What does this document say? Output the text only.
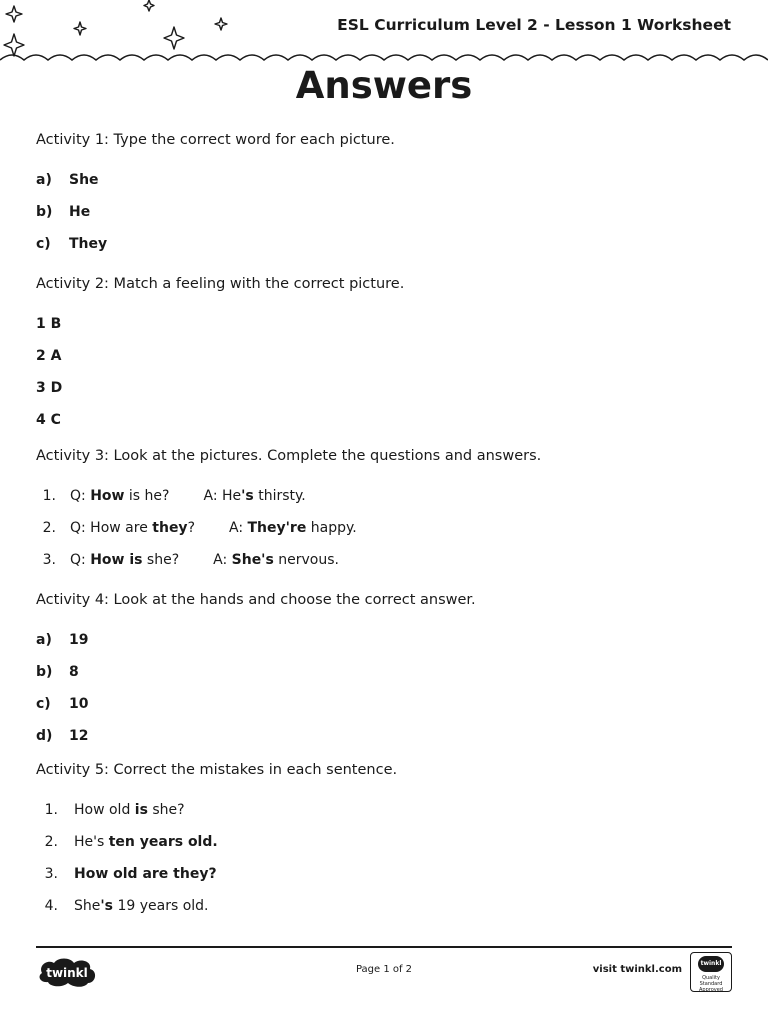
ESL Curriculum Level 2 - Lesson 1 Worksheet
Answers

Activity 1: Type the correct word for each picture.

a) She
b) He
c) They

Activity 2: Match a feeling with the correct picture.

1 B
2 A
3 D
4 C

Activity 3: Look at the pictures. Complete the questions and answers.

1. Q: How is he? A: He's thirsty.
2. Q: How are they? A: They're happy.
3. Q: How is she? A: She's nervous.

Activity 4: Look at the hands and choose the correct answer.

a) 19
b) 8
c) 10
d) 12

Activity 5: Correct the mistakes in each sentence.

1. How old is she?
2. He's ten years old.
3. How old are they?
4. She's 19 years old.
twinkl	Page 1 of 2	visit twinkl.com
twinkl
Quality Standard Approved
